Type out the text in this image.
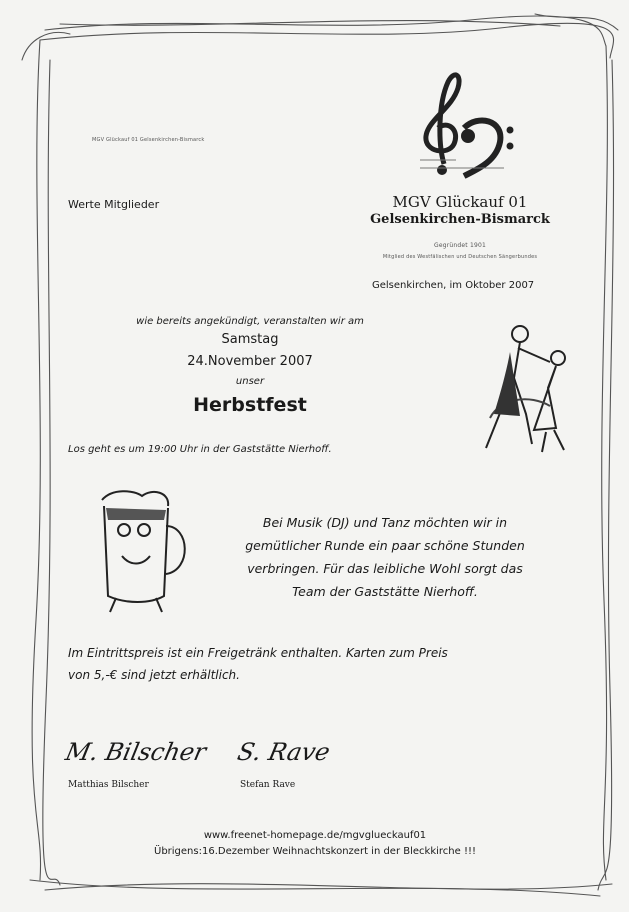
MGV Glückauf 01 Gelsenkirchen-Bismarck
Werte Mitglieder	MGV Glückauf 01
Gelsenkirchen-Bismarck
Gegründet 1901
Mitglied des Westfälischen und Deutschen Sängerbundes
Gelsenkirchen, im Oktober 2007
wie bereits angekündigt, veranstalten wir am
Samstag
24.November 2007
unser
Herbstfest
Los geht es um 19:00 Uhr in der Gaststätte Nierhoff.
Bei Musik (DJ) und Tanz möchten wir in
gemütlicher Runde ein paar schöne Stunden
verbringen. Für das leibliche Wohl sorgt das
Team der Gaststätte Nierhoff.
Im Eintrittspreis ist ein Freigetränk enthalten. Karten zum Preis
von 5,-€ sind jetzt erhältlich.
M. Bilscher
Matthias Bilscher
S. Rave
Stefan Rave
www.freenet-homepage.de/mgvglueckauf01
Übrigens:16.Dezember Weihnachtskonzert in der Bleckkirche !!!
